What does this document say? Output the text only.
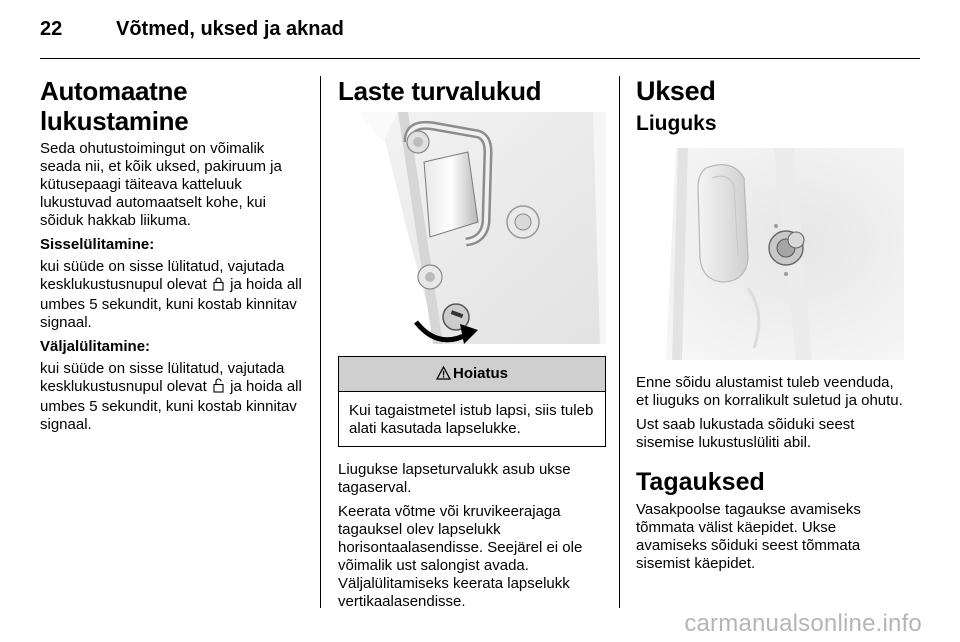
22	Võtmed, uksed ja aknad
Automaatne lukustamine

Seda ohutustoimingut on võimalik seada nii, et kõik uksed, pakiruum ja kütusepaagi täiteava katteluuk lukustuvad automaatselt kohe, kui sõiduk hakkab liikuma.

Sisselülitamine:

kui süüde on sisse lülitatud, vajutada kesklukustusnupul olevat ja hoida all umbes 5 sekundit, kuni kostab kinnitav signaal.

Väljalülitamine:

kui süüde on sisse lülitatud, vajutada kesklukustusnupul olevat ja hoida all umbes 5 sekundit, kuni kostab kinnitav signaal.

Laste turvalukud
Hoiatus
Kui tagaistmetel istub lapsi, siis tuleb alati kasutada lapselukke.

Liugukse lapseturvalukk asub ukse tagaserval.

Keerata võtme või kruvikeerajaga tagauksel olev lapselukk horisontaalasendisse. Seejärel ei ole võimalik ust salongist avada.

Väljalülitamiseks keerata lapselukk vertikaalasendisse.

Uksed
Liuguks

Enne sõidu alustamist tuleb veenduda, et liuguks on korralikult suletud ja ohutu.

Ust saab lukustada sõiduki seest sisemise lukustuslüliti abil.

Tagauksed

Vasakpoolse tagaukse avamiseks tõmmata välist käepidet. Ukse avamiseks sõiduki seest tõmmata sisemist käepidet.

carmanualsonline.info
